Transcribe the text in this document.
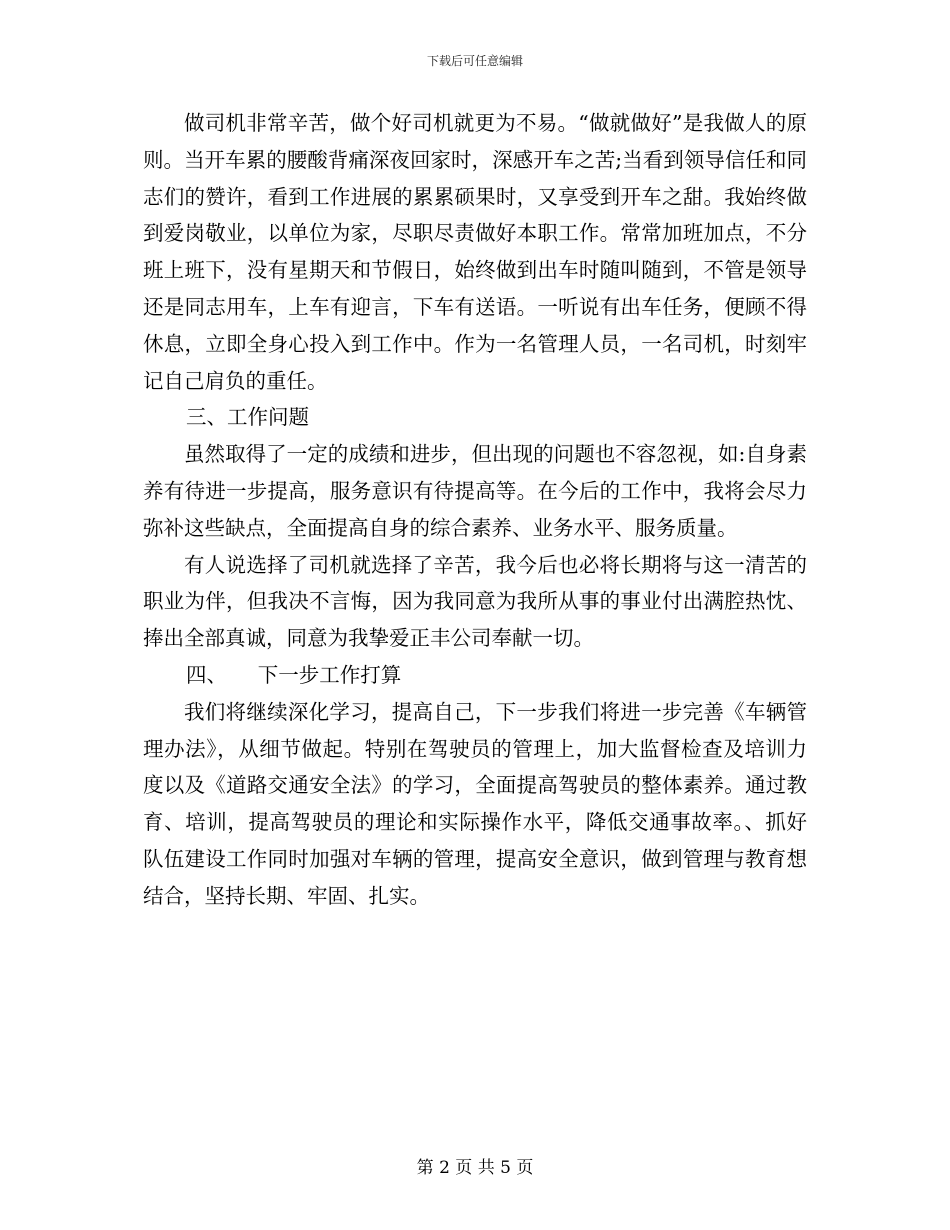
下载后可任意编辑

做司机非常辛苦，做个好司机就更为不易。“做就做好”是我做人的原则。当开车累的腰酸背痛深夜回家时，深感开车之苦;当看到领导信任和同志们的赞许，看到工作进展的累累硕果时，又享受到开车之甜。我始终做到爱岗敬业，以单位为家，尽职尽责做好本职工作。常常加班加点，不分班上班下，没有星期天和节假日，始终做到出车时随叫随到，不管是领导还是同志用车，上车有迎言，下车有送语。一听说有出车任务，便顾不得休息，立即全身心投入到工作中。作为一名管理人员，一名司机，时刻牢记自己肩负的重任。

三、工作问题

虽然取得了一定的成绩和进步，但出现的问题也不容忽视，如:自身素养有待进一步提高，服务意识有待提高等。在今后的工作中，我将会尽力弥补这些缺点，全面提高自身的综合素养、业务水平、服务质量。

有人说选择了司机就选择了辛苦，我今后也必将长期将与这一清苦的职业为伴，但我决不言悔，因为我同意为我所从事的事业付出满腔热忱、捧出全部真诚，同意为我挚爱正丰公司奉献一切。

四、 下一步工作打算

我们将继续深化学习，提高自己，下一步我们将进一步完善《车辆管理办法》，从细节做起。特别在驾驶员的管理上，加大监督检查及培训力度以及《道路交通安全法》的学习，全面提高驾驶员的整体素养。通过教育、培训，提高驾驶员的理论和实际操作水平，降低交通事故率。、抓好队伍建设工作同时加强对车辆的管理，提高安全意识，做到管理与教育想结合，坚持长期、牢固、扎实。

第 2 页 共 5 页
